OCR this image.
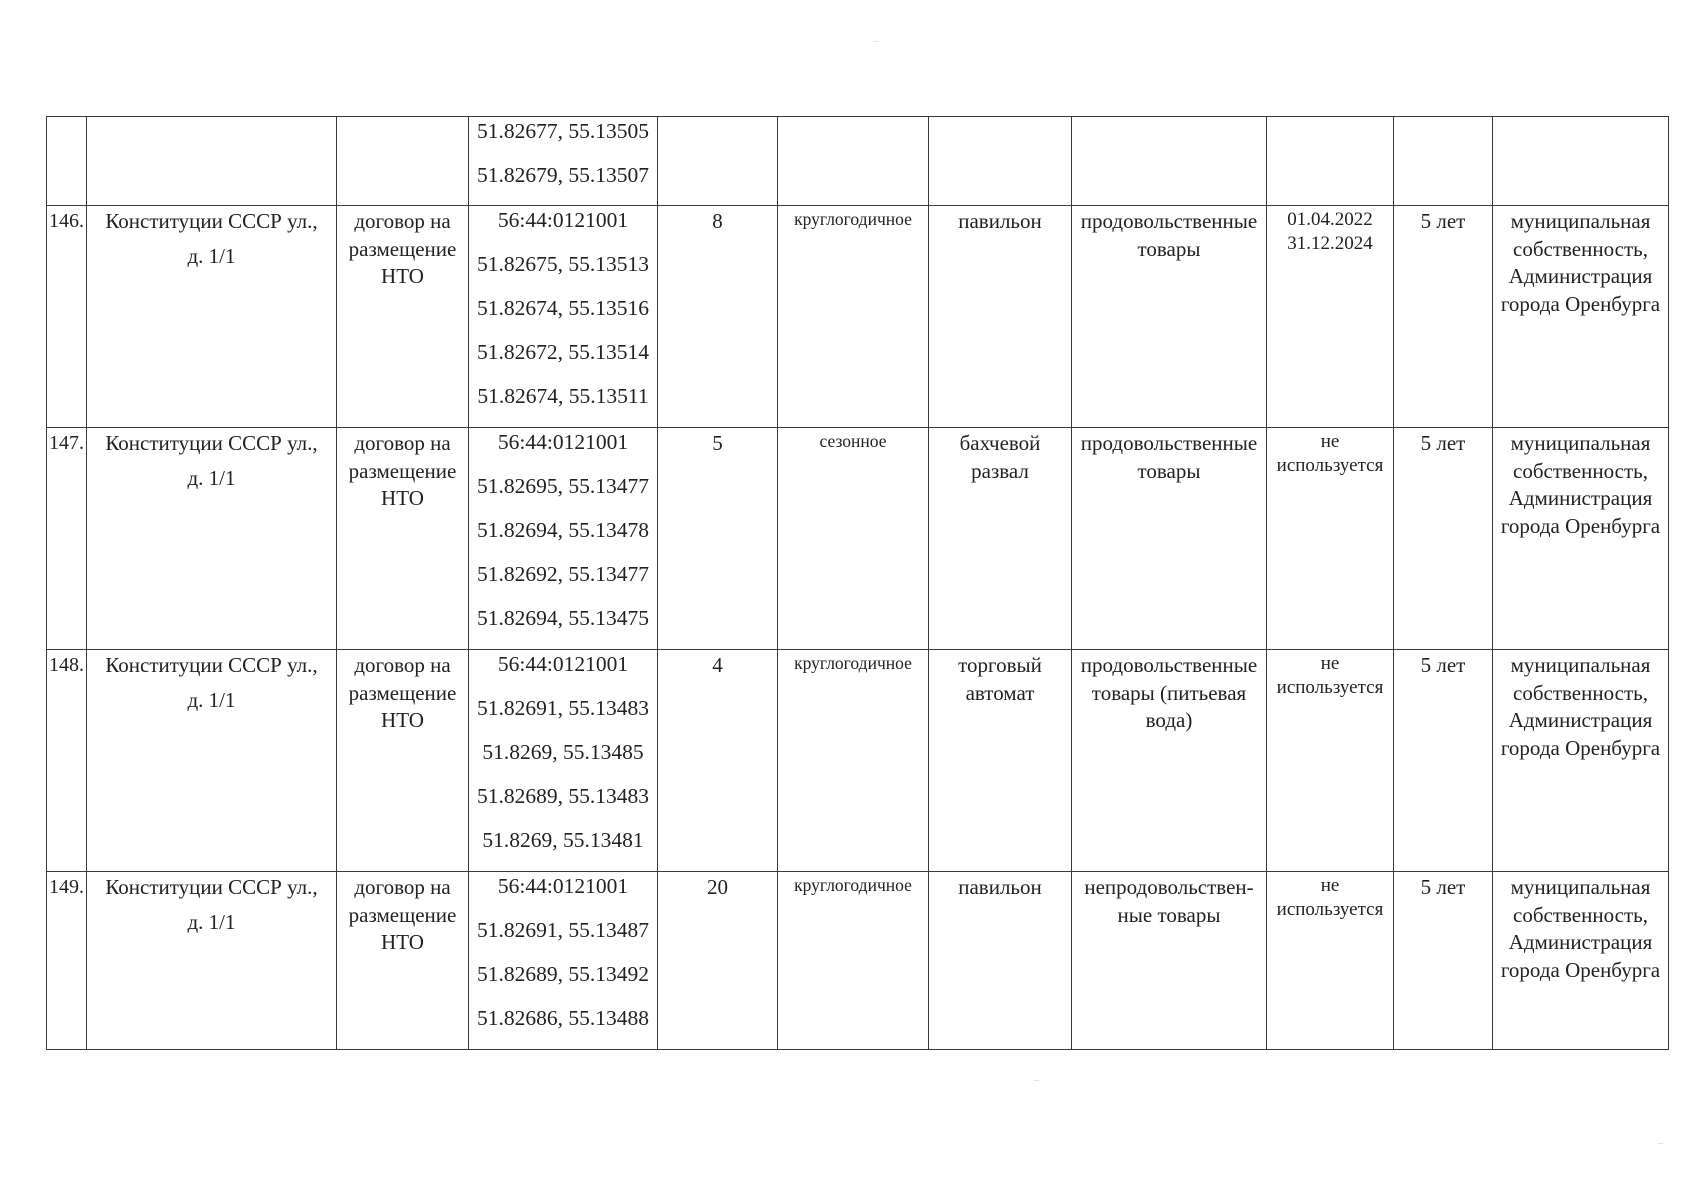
			51.82677, 55.13505
51.82679, 55.13507							

146.	Конституции СССР ул.,
д. 1/1	договор на размещение НТО	56:44:0121001
51.82675, 55.13513
51.82674, 55.13516
51.82672, 55.13514
51.82674, 55.13511	8	круглогодичное	павильон	продовольственные товары	01.04.2022
31.12.2024	5 лет	муниципальная собственность, Администрация города Оренбурга
147.	Конституции СССР ул.,
д. 1/1	договор на размещение НТО	56:44:0121001
51.82695, 55.13477
51.82694, 55.13478
51.82692, 55.13477
51.82694, 55.13475	5	сезонное	бахчевой развал	продовольственные товары	не используется	5 лет	муниципальная собственность, Администрация города Оренбурга
148.	Конституции СССР ул.,
д. 1/1	договор на размещение НТО	56:44:0121001
51.82691, 55.13483
51.8269, 55.13485
51.82689, 55.13483
51.8269, 55.13481	4	круглогодичное	торговый автомат	продовольственные товары (питьевая вода)	не используется	5 лет	муниципальная собственность, Администрация города Оренбурга
149.	Конституции СССР ул.,
д. 1/1	договор на размещение НТО	56:44:0121001
51.82691, 55.13487
51.82689, 55.13492
51.82686, 55.13488	20	круглогодичное	павильон	непродовольствен-ные товары	не используется	5 лет	муниципальная собственность, Администрация города Оренбурга
–
–
–
